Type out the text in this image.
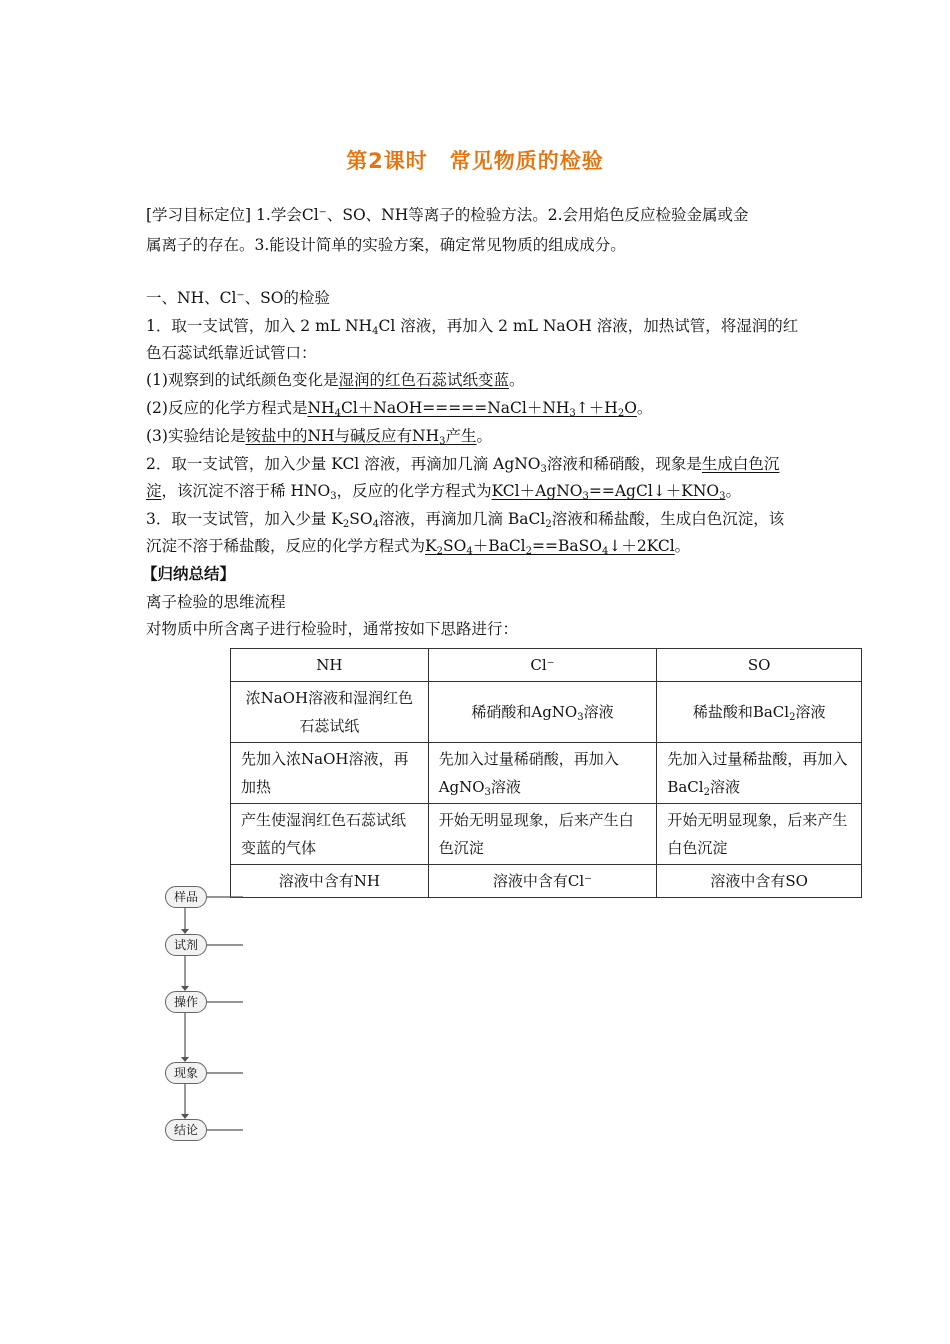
第2课时　常见物质的检验
[学习目标定位] 1.学会Cl⁻、SO、NH等离子的检验方法。2.会用焰色反应检验金属或金
属离子的存在。3.能设计简单的实验方案，确定常见物质的组成成分。
一、NH、Cl⁻、SO的检验
1．取一支试管，加入 2 mL $NH_4Cl$ 溶液，再加入 2 mL NaOH 溶液，加热试管，将湿润的红
色石蕊试纸靠近试管口：
(1)观察到的试纸颜色变化是湿润的红色石蕊试纸变蓝。
(2)反应的化学方程式是$NH_4Cl+NaOH=====NaCl+NH_3↑+H_2O$。
(3)实验结论是铵盐中的NH与碱反应有$NH_3$产生。
2．取一支试管，加入少量 KCl 溶液，再滴加几滴 AgNO$_3$溶液和稀硝酸，现象是生成白色沉
淀，该沉淀不溶于稀 $HNO_3$，反应的化学方程式为$KCl+AgNO_3==AgCl↓+KNO_3$。
3．取一支试管，加入少量 $K_2SO_4$溶液，再滴加几滴 BaCl$_2$溶液和稀盐酸，生成白色沉淀，该
沉淀不溶于稀盐酸，反应的化学方程式为$K_2SO_4+BaCl_2==BaSO_4↓+2KCl$。
【归纳总结】
离子检验的思维流程
对物质中所含离子进行检验时，通常按如下思路进行：
NH	Cl⁻	SO
浓NaOH溶液和湿润红色石蕊试纸	稀硝酸和AgNO$_3$溶液	稀盐酸和BaCl$_2$溶液
先加入浓NaOH溶液，再加热	先加入过量稀硝酸，再加入AgNO$_3$溶液	先加入过量稀盐酸，再加入BaCl$_2$溶液
产生使湿润红色石蕊试纸变蓝的气体	开始无明显现象，后来产生白色沉淀	开始无明显现象，后来产生白色沉淀
溶液中含有NH	溶液中含有Cl⁻	溶液中含有SO
样品
试剂
操作
现象
结论
